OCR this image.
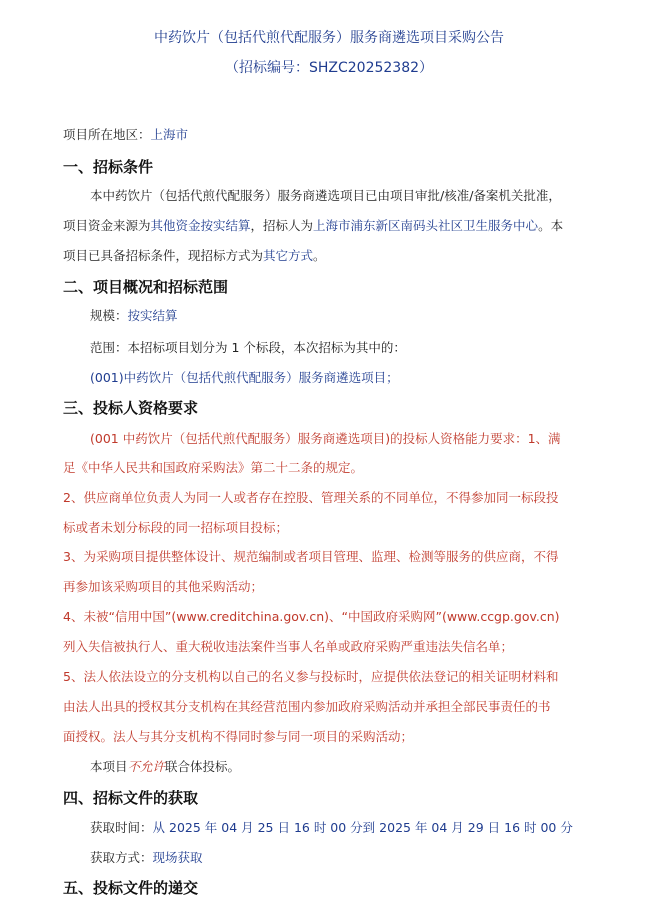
中药饮片（包括代煎代配服务）服务商遴选项目采购公告
（招标编号：SHZC20252382）
项目所在地区：上海市
一、招标条件
本中药饮片（包括代煎代配服务）服务商遴选项目已由项目审批/核准/备案机关批准，
项目资金来源为其他资金按实结算，招标人为上海市浦东新区南码头社区卫生服务中心。本
项目已具备招标条件，现招标方式为其它方式。
二、项目概况和招标范围
规模：按实结算
范围：本招标项目划分为 1 个标段，本次招标为其中的：
(001)中药饮片（包括代煎代配服务）服务商遴选项目；
三、投标人资格要求
(001 中药饮片（包括代煎代配服务）服务商遴选项目)的投标人资格能力要求：1、满
足《中华人民共和国政府采购法》第二十二条的规定。
2、供应商单位负责人为同一人或者存在控股、管理关系的不同单位，不得参加同一标段投
标或者未划分标段的同一招标项目投标；
3、为采购项目提供整体设计、规范编制或者项目管理、监理、检测等服务的供应商，不得
再参加该采购项目的其他采购活动；
4、未被“信用中国”(www.creditchina.gov.cn)、“中国政府采购网”(www.ccgp.gov.cn)
列入失信被执行人、重大税收违法案件当事人名单或政府采购严重违法失信名单；
5、法人依法设立的分支机构以自己的名义参与投标时，应提供依法登记的相关证明材料和
由法人出具的授权其分支机构在其经营范围内参加政府采购活动并承担全部民事责任的书
面授权。法人与其分支机构不得同时参与同一项目的采购活动；
本项目不允许联合体投标。
四、招标文件的获取
获取时间：从 2025 年 04 月 25 日 16 时 00 分到 2025 年 04 月 29 日 16 时 00 分
获取方式：现场获取
五、投标文件的递交
